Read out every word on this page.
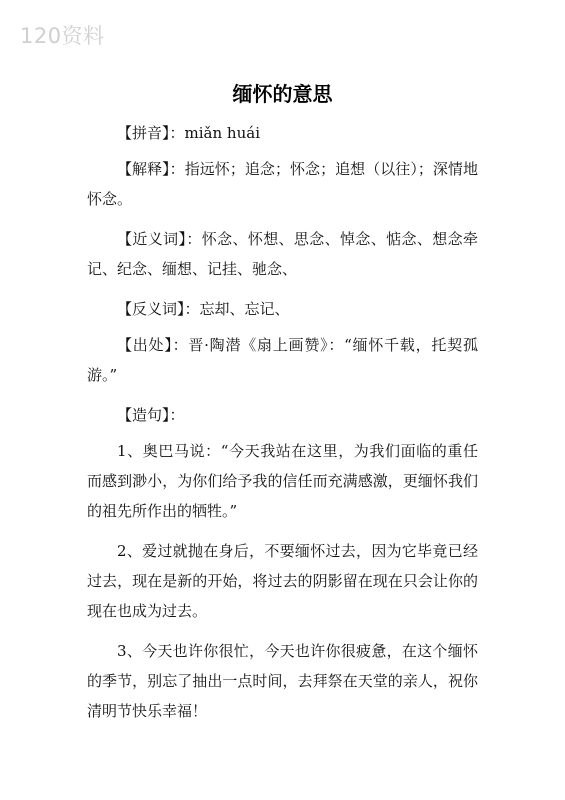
120资料
缅怀的意思

【拼音】：miǎn huái

【解释】：指远怀；追念；怀念；追想（以往）；深情地怀念。

【近义词】：怀念、怀想、思念、悼念、惦念、想念牵记、纪念、缅想、记挂、驰念、

【反义词】：忘却、忘记、

【出处】：晋·陶潜《扇上画赞》：“缅怀千载，托契孤游。”

【造句】：

1、奥巴马说：“今天我站在这里，为我们面临的重任而感到渺小，为你们给予我的信任而充满感激，更缅怀我们的祖先所作出的牺牲。”

2、爱过就抛在身后，不要缅怀过去，因为它毕竟已经过去，现在是新的开始，将过去的阴影留在现在只会让你的现在也成为过去。

3、今天也许你很忙，今天也许你很疲惫，在这个缅怀的季节，别忘了抽出一点时间，去拜祭在天堂的亲人，祝你清明节快乐幸福！
